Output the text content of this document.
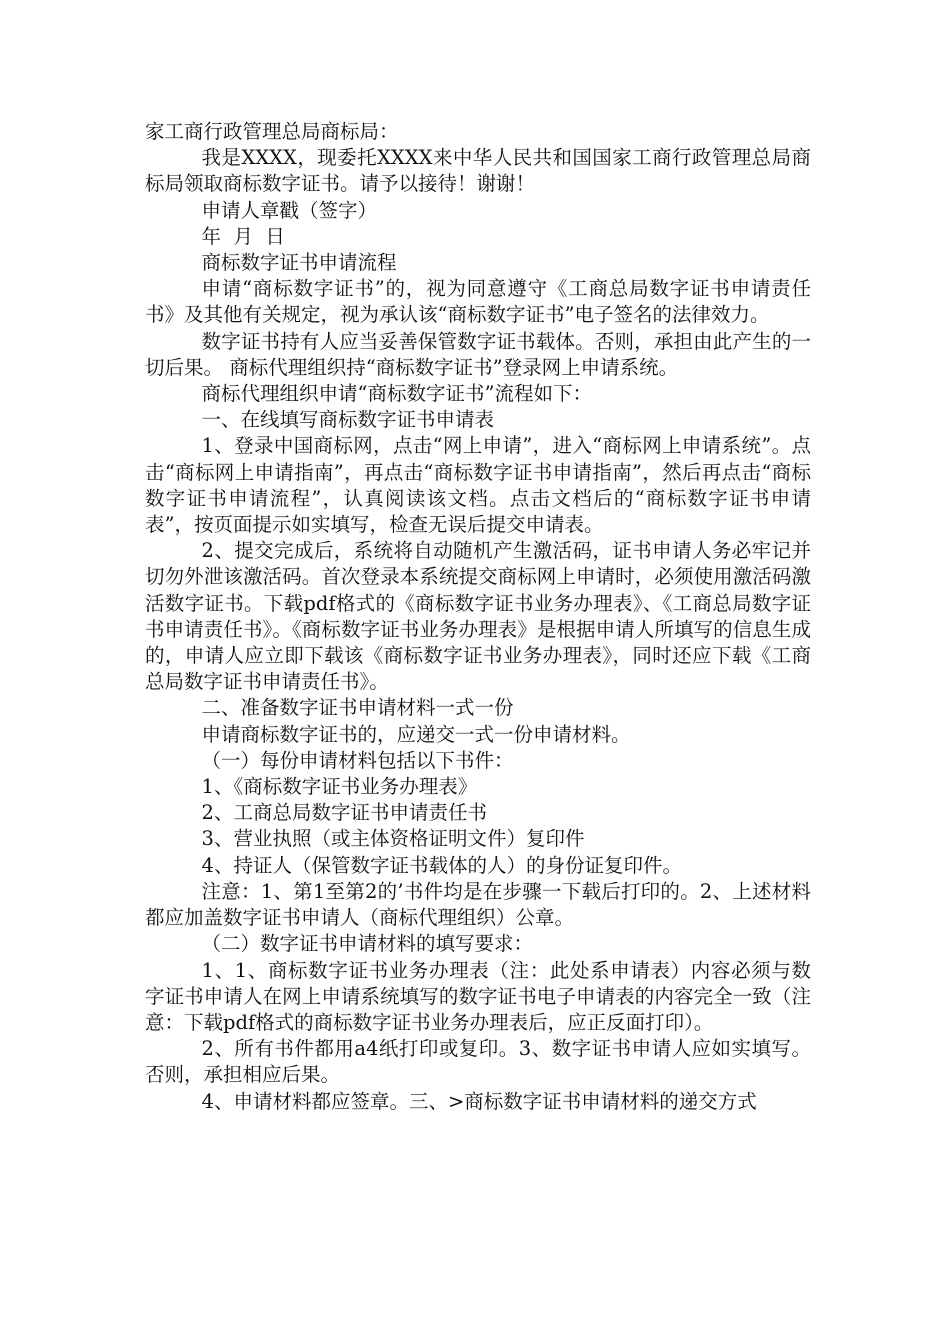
家工商行政管理总局商标局：

我是XXXX，现委托XXXX来中华人民共和国国家工商行政管理总局商标局领取商标数字证书。请予以接待！谢谢！

申请人章戳（签字）

年  月  日

商标数字证书申请流程

申请“商标数字证书”的，视为同意遵守《工商总局数字证书申请责任书》及其他有关规定，视为承认该“商标数字证书”电子签名的法律效力。

数字证书持有人应当妥善保管数字证书载体。否则，承担由此产生的一切后果。 商标代理组织持“商标数字证书”登录网上申请系统。

商标代理组织申请“商标数字证书”流程如下：

一、在线填写商标数字证书申请表

1、登录中国商标网，点击“网上申请”，进入“商标网上申请系统”。点击“商标网上申请指南”，再点击“商标数字证书申请指南”，然后再点击“商标数字证书申请流程”，认真阅读该文档。点击文档后的“商标数字证书申请表”，按页面提示如实填写，检查无误后提交申请表。

2、提交完成后，系统将自动随机产生激活码，证书申请人务必牢记并切勿外泄该激活码。首次登录本系统提交商标网上申请时，必须使用激活码激活数字证书。下载pdf格式的《商标数字证书业务办理表》、《工商总局数字证书申请责任书》。《商标数字证书业务办理表》是根据申请人所填写的信息生成的，申请人应立即下载该《商标数字证书业务办理表》，同时还应下载《工商总局数字证书申请责任书》。

二、准备数字证书申请材料一式一份

申请商标数字证书的，应递交一式一份申请材料。

（一）每份申请材料包括以下书件：

1、《商标数字证书业务办理表》

2、工商总局数字证书申请责任书

3、营业执照（或主体资格证明文件）复印件

4、持证人（保管数字证书载体的人）的身份证复印件。

注意：1、第1至第2的’书件均是在步骤一下载后打印的。2、上述材料都应加盖数字证书申请人（商标代理组织）公章。

（二）数字证书申请材料的填写要求：

1、1、商标数字证书业务办理表（注：此处系申请表）内容必须与数字证书申请人在网上申请系统填写的数字证书电子申请表的内容完全一致（注意：下载pdf格式的商标数字证书业务办理表后，应正反面打印）。

2、所有书件都用a4纸打印或复印。3、数字证书申请人应如实填写。否则，承担相应后果。

4、申请材料都应签章。三、>商标数字证书申请材料的递交方式
